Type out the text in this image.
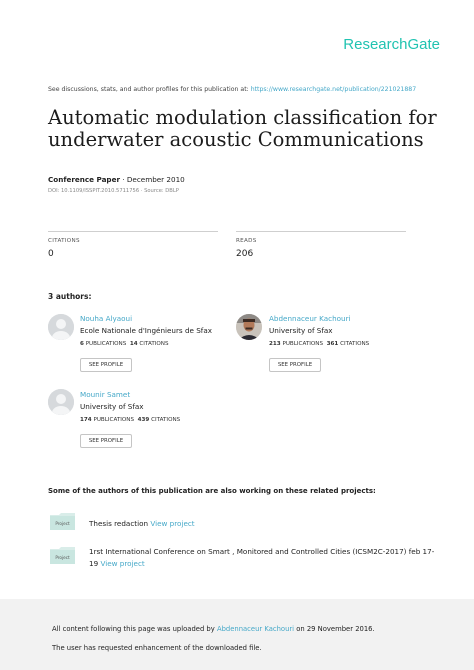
ResearchGate
See discussions, stats, and author profiles for this publication at: https://www.researchgate.net/publication/221021887
Automatic modulation classification for underwater acoustic Communications
Conference Paper · December 2010
DOI: 10.1109/ISSPIT.2010.5711756 · Source: DBLP
CITATIONS
0
READS
206
3 authors:
Nouha Alyaoui
Ecole Nationale d'Ingénieurs de Sfax
6 PUBLICATIONS 14 CITATIONS
SEE PROFILE
Abdennaceur Kachouri
University of Sfax
213 PUBLICATIONS 361 CITATIONS
SEE PROFILE
Mounir Samet
University of Sfax
174 PUBLICATIONS 439 CITATIONS
SEE PROFILE
Some of the authors of this publication are also working on these related projects:
Project	Thesis redaction View project
Project
1rst International Conference on Smart , Monitored and Controlled Cities (ICSM2C-2017) feb 17-19 View project
All content following this page was uploaded by Abdennaceur Kachouri on 29 November 2016.
The user has requested enhancement of the downloaded file.
